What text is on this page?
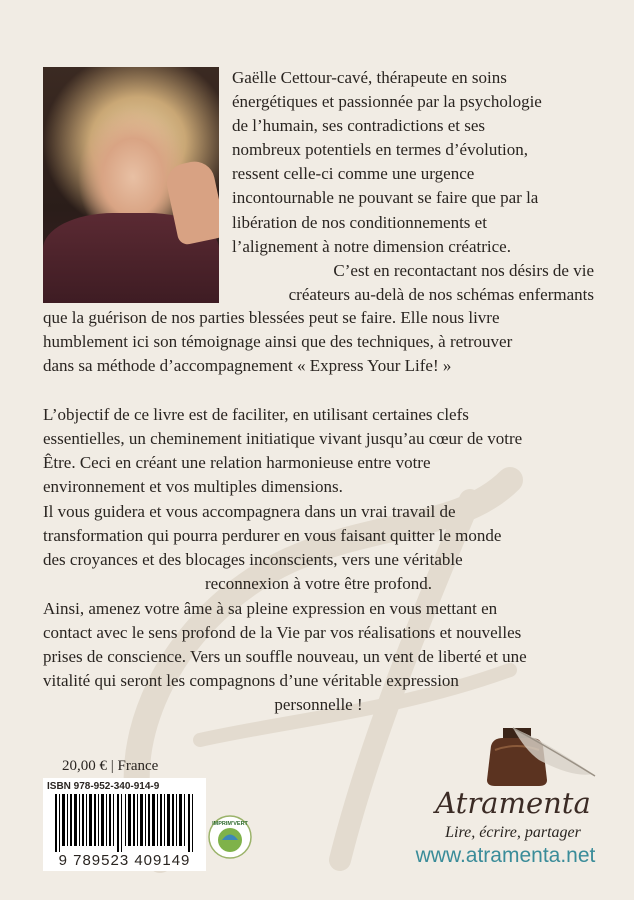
Gaëlle Cettour-cavé, thérapeute en soins
énergétiques et passionnée par la psychologie
de l’humain, ses contradictions et ses
nombreux potentiels en termes d’évolution,
ressent celle-ci comme une urgence
incontournable ne pouvant se faire que par la
libération de nos conditionnements et
l’alignement à notre dimension créatrice.
C’est en recontactant nos désirs de vie
créateurs au-delà de nos schémas enfermants
que la guérison de nos parties blessées peut se faire. Elle nous livre
humblement ici son témoignage ainsi que des techniques, à retrouver
dans sa méthode d’accompagnement « Express Your Life! »
L’objectif de ce livre est de faciliter, en utilisant certaines clefs
essentielles, un cheminement initiatique vivant jusqu’au cœur de votre
Être. Ceci en créant une relation harmonieuse entre votre
environnement et vos multiples dimensions.
Il vous guidera et vous accompagnera dans un vrai travail de
transformation qui pourra perdurer en vous faisant quitter le monde
des croyances et des blocages inconscients, vers une véritable
reconnexion à votre être profond.
Ainsi, amenez votre âme à sa pleine expression en vous mettant en
contact avec le sens profond de la Vie par vos réalisations et nouvelles
prises de conscience. Vers un souffle nouveau, un vent de liberté et une
vitalité qui seront les compagnons d’une véritable expression
personnelle !
20,00 € | France
ISBN 978-952-340-914-9
9 789523 409149
IMPRIM'VERT
Atramenta
Lire, écrire, partager
www.atramenta.net
